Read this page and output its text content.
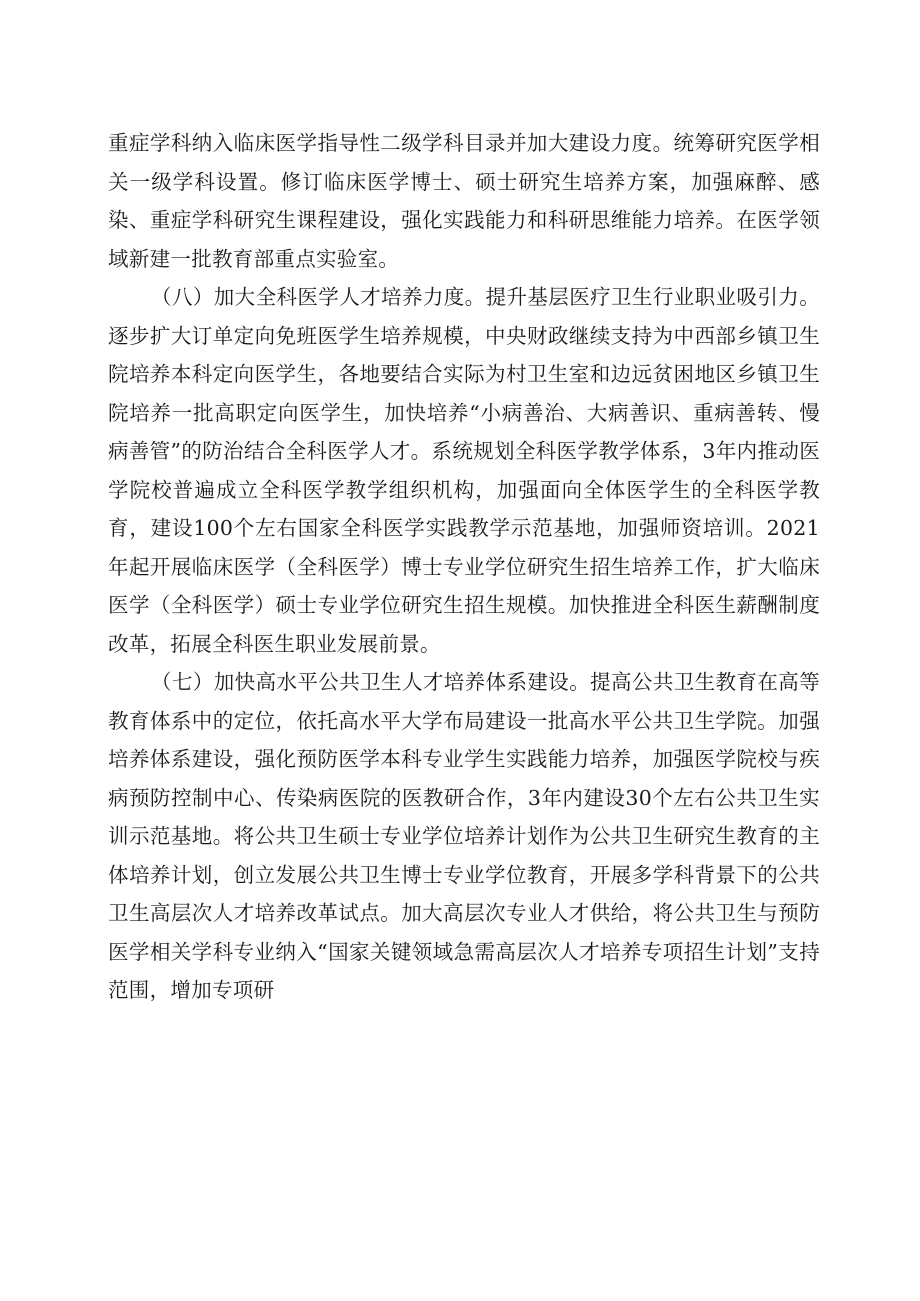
重症学科纳入临床医学指导性二级学科目录并加大建设力度。统筹研究医学相关一级学科设置。修订临床医学博士、硕士研究生培养方案，加强麻醉、感染、重症学科研究生课程建设，强化实践能力和科研思维能力培养。在医学领域新建一批教育部重点实验室。

（八）加大全科医学人才培养力度。提升基层医疗卫生行业职业吸引力。逐步扩大订单定向免班医学生培养规模，中央财政继续支持为中西部乡镇卫生院培养本科定向医学生，各地要结合实际为村卫生室和边远贫困地区乡镇卫生院培养一批高职定向医学生，加快培养“小病善治、大病善识、重病善转、慢病善管”的防治结合全科医学人才。系统规划全科医学教学体系，3年内推动医学院校普遍成立全科医学教学组织机构，加强面向全体医学生的全科医学教育，建设100个左右国家全科医学实践教学示范基地，加强师资培训。2021年起开展临床医学（全科医学）博士专业学位研究生招生培养工作，扩大临床医学（全科医学）硕士专业学位研究生招生规模。加快推进全科医生薪酬制度改革，拓展全科医生职业发展前景。

（七）加快高水平公共卫生人才培养体系建设。提高公共卫生教育在高等教育体系中的定位，依托高水平大学布局建设一批高水平公共卫生学院。加强培养体系建设，强化预防医学本科专业学生实践能力培养，加强医学院校与疾病预防控制中心、传染病医院的医教研合作，3年内建设30个左右公共卫生实训示范基地。将公共卫生硕士专业学位培养计划作为公共卫生研究生教育的主体培养计划，创立发展公共卫生博士专业学位教育，开展多学科背景下的公共卫生高层次人才培养改革试点。加大高层次专业人才供给，将公共卫生与预防医学相关学科专业纳入“国家关键领域急需高层次人才培养专项招生计划”支持范围，增加专项研
